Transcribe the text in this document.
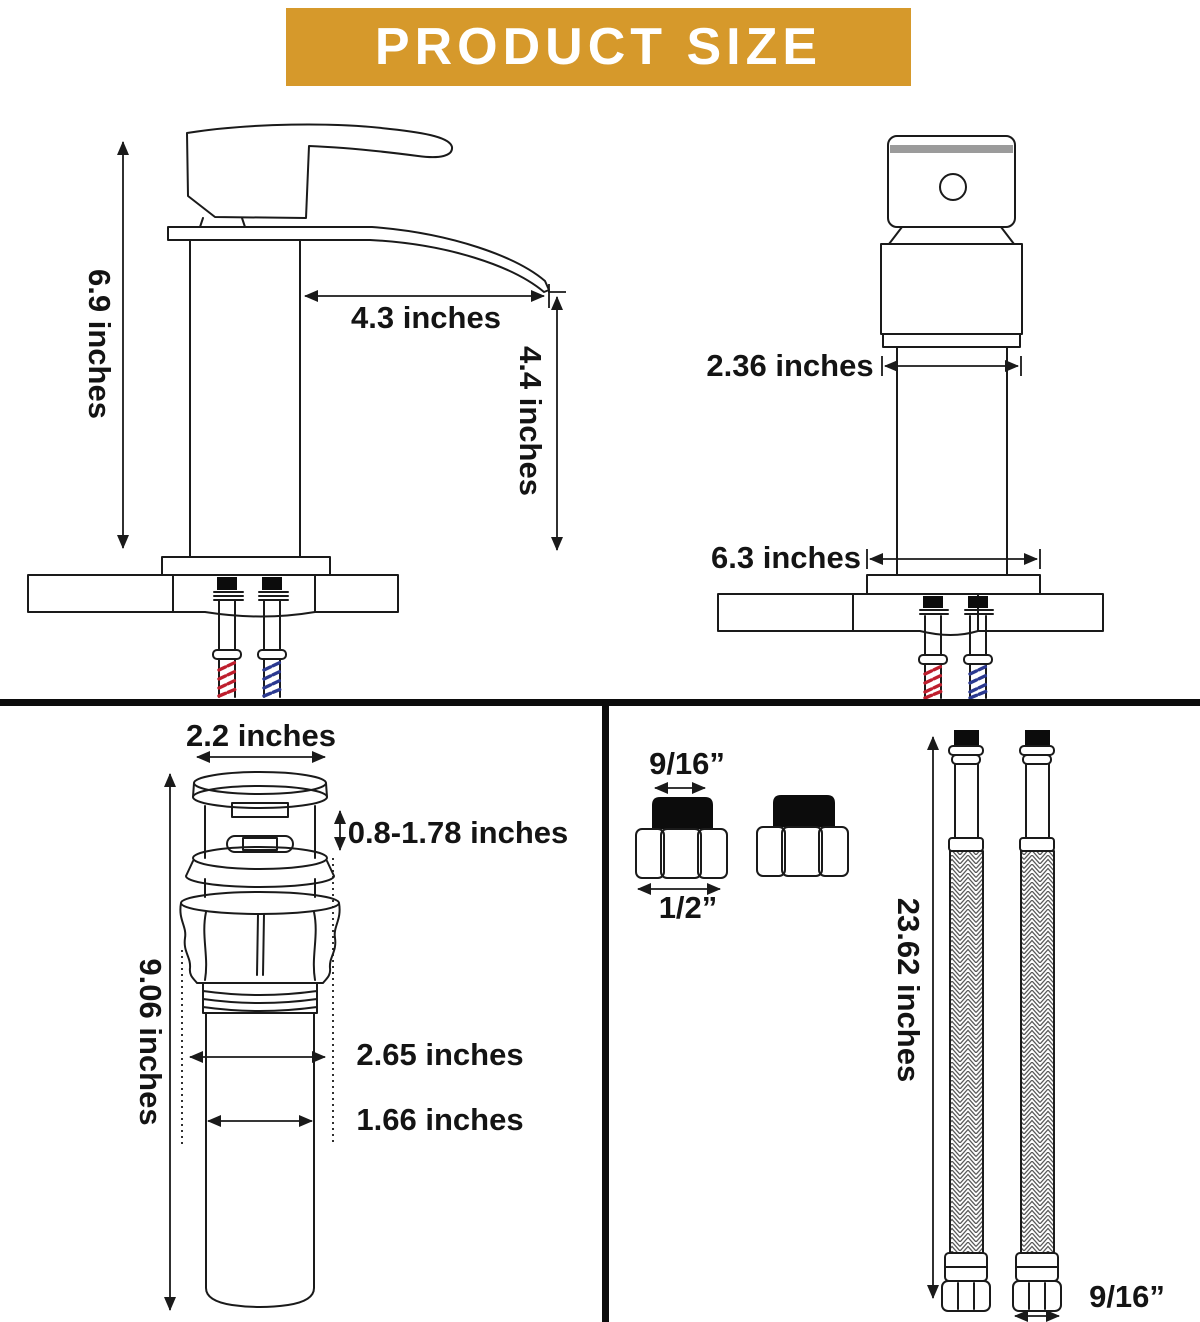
PRODUCT SIZE
6.9 inches	4.3 inches
4.4 inches	2.36 inches
6.3 inches
2.2 inches
0.8-1.78 inches
9.06 inches	2.65 inches
1.66 inches
9/16”
1/2”	23.62 inches
9/16”
